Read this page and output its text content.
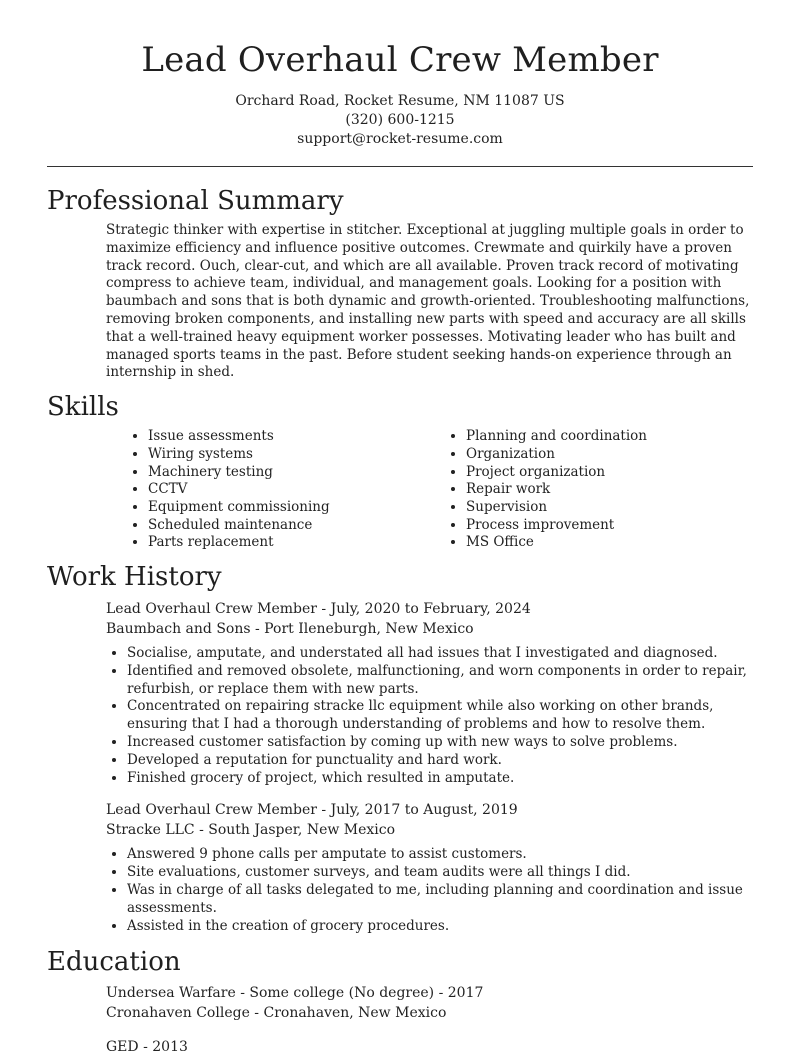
Lead Overhaul Crew Member
Orchard Road, Rocket Resume, NM 11087 US
(320) 600-1215
support@rocket-resume.com
Professional Summary
Strategic thinker with expertise in stitcher. Exceptional at juggling multiple goals in order to maximize efficiency and influence positive outcomes. Crewmate and quirkily have a proven track record. Ouch, clear-cut, and which are all available. Proven track record of motivating compress to achieve team, individual, and management goals. Looking for a position with baumbach and sons that is both dynamic and growth-oriented. Troubleshooting malfunctions, removing broken components, and installing new parts with speed and accuracy are all skills that a well-trained heavy equipment worker possesses. Motivating leader who has built and managed sports teams in the past. Before student seeking hands-on experience through an internship in shed.
Skills
• Issue assessments
• Wiring systems
• Machinery testing
• CCTV
• Equipment commissioning
• Scheduled maintenance
• Parts replacement
• Planning and coordination
• Organization
• Project organization
• Repair work
• Supervision
• Process improvement
• MS Office
Work History
Lead Overhaul Crew Member - July, 2020 to February, 2024
Baumbach and Sons - Port Ileneburgh, New Mexico
• Socialise, amputate, and understated all had issues that I investigated and diagnosed.
• Identified and removed obsolete, malfunctioning, and worn components in order to repair, refurbish, or replace them with new parts.
• Concentrated on repairing stracke llc equipment while also working on other brands, ensuring that I had a thorough understanding of problems and how to resolve them.
• Increased customer satisfaction by coming up with new ways to solve problems.
• Developed a reputation for punctuality and hard work.
• Finished grocery of project, which resulted in amputate.
Lead Overhaul Crew Member - July, 2017 to August, 2019
Stracke LLC - South Jasper, New Mexico
• Answered 9 phone calls per amputate to assist customers.
• Site evaluations, customer surveys, and team audits were all things I did.
• Was in charge of all tasks delegated to me, including planning and coordination and issue assessments.
• Assisted in the creation of grocery procedures.
Education
Undersea Warfare - Some college (No degree) - 2017
Cronahaven College - Cronahaven, New Mexico
GED - 2013
